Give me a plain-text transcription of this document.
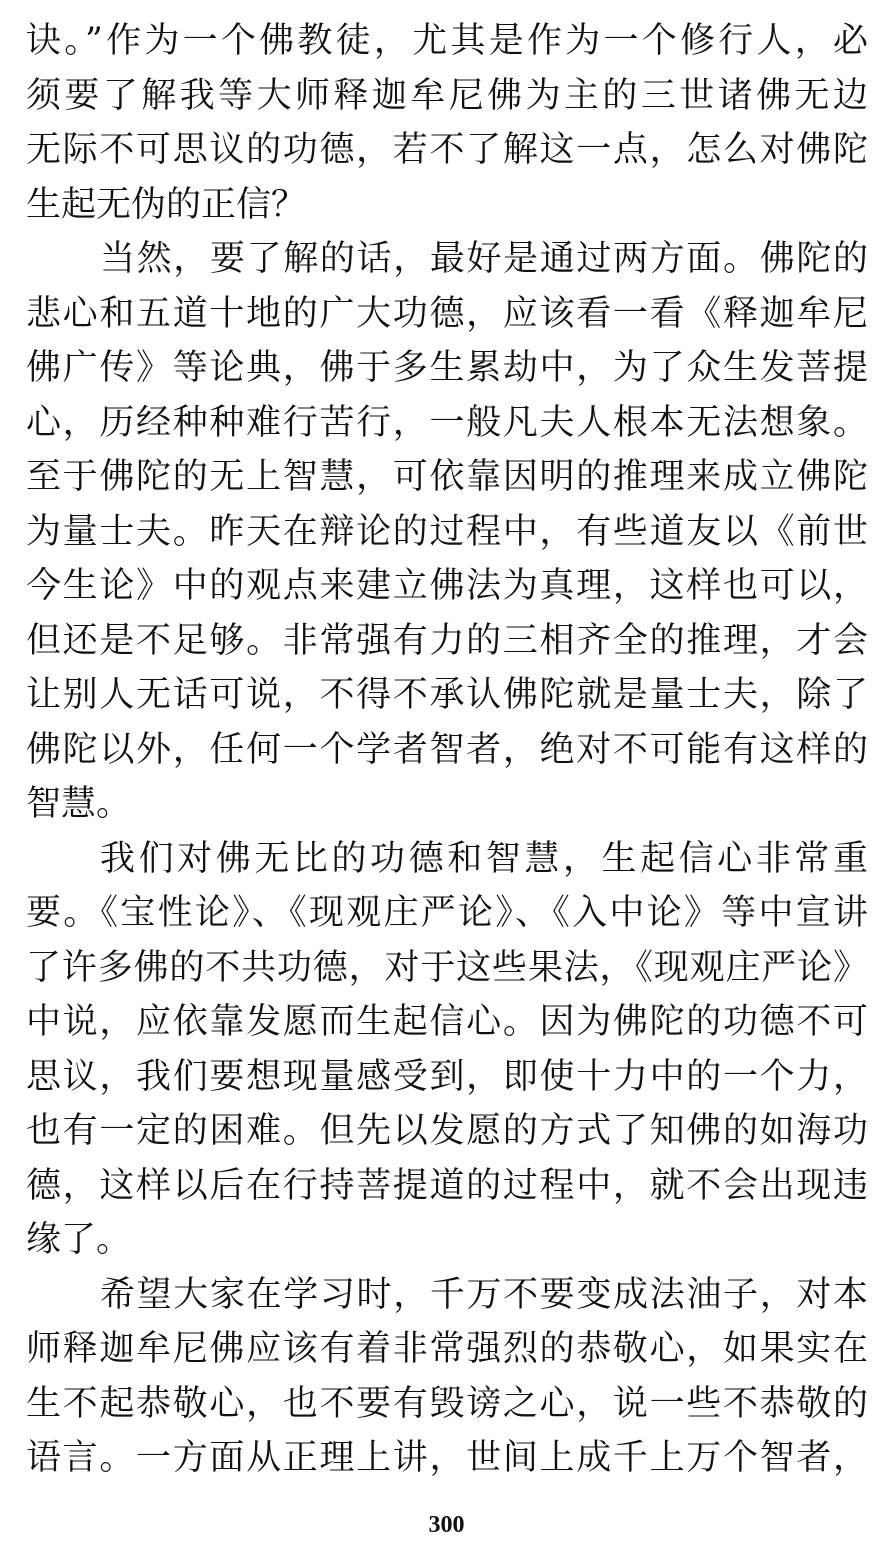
诀。”作为一个佛教徒，尤其是作为一个修行人，必
须要了解我等大师释迦牟尼佛为主的三世诸佛无边
无际不可思议的功德，若不了解这一点，怎么对佛陀
生起无伪的正信？
当然，要了解的话，最好是通过两方面。佛陀的
悲心和五道十地的广大功德，应该看一看《释迦牟尼
佛广传》等论典，佛于多生累劫中，为了众生发菩提
心，历经种种难行苦行，一般凡夫人根本无法想象。
至于佛陀的无上智慧，可依靠因明的推理来成立佛陀
为量士夫。昨天在辩论的过程中，有些道友以《前世
今生论》中的观点来建立佛法为真理，这样也可以，
但还是不足够。非常强有力的三相齐全的推理，才会
让别人无话可说，不得不承认佛陀就是量士夫，除了
佛陀以外，任何一个学者智者，绝对不可能有这样的
智慧。
我们对佛无比的功德和智慧，生起信心非常重
要。《宝性论》、《现观庄严论》、《入中论》等中宣讲
了许多佛的不共功德，对于这些果法，《现观庄严论》
中说，应依靠发愿而生起信心。因为佛陀的功德不可
思议，我们要想现量感受到，即使十力中的一个力，
也有一定的困难。但先以发愿的方式了知佛的如海功
德，这样以后在行持菩提道的过程中，就不会出现违
缘了。
希望大家在学习时，千万不要变成法油子，对本
师释迦牟尼佛应该有着非常强烈的恭敬心，如果实在
生不起恭敬心，也不要有毁谤之心，说一些不恭敬的
语言。一方面从正理上讲，世间上成千上万个智者，
300
